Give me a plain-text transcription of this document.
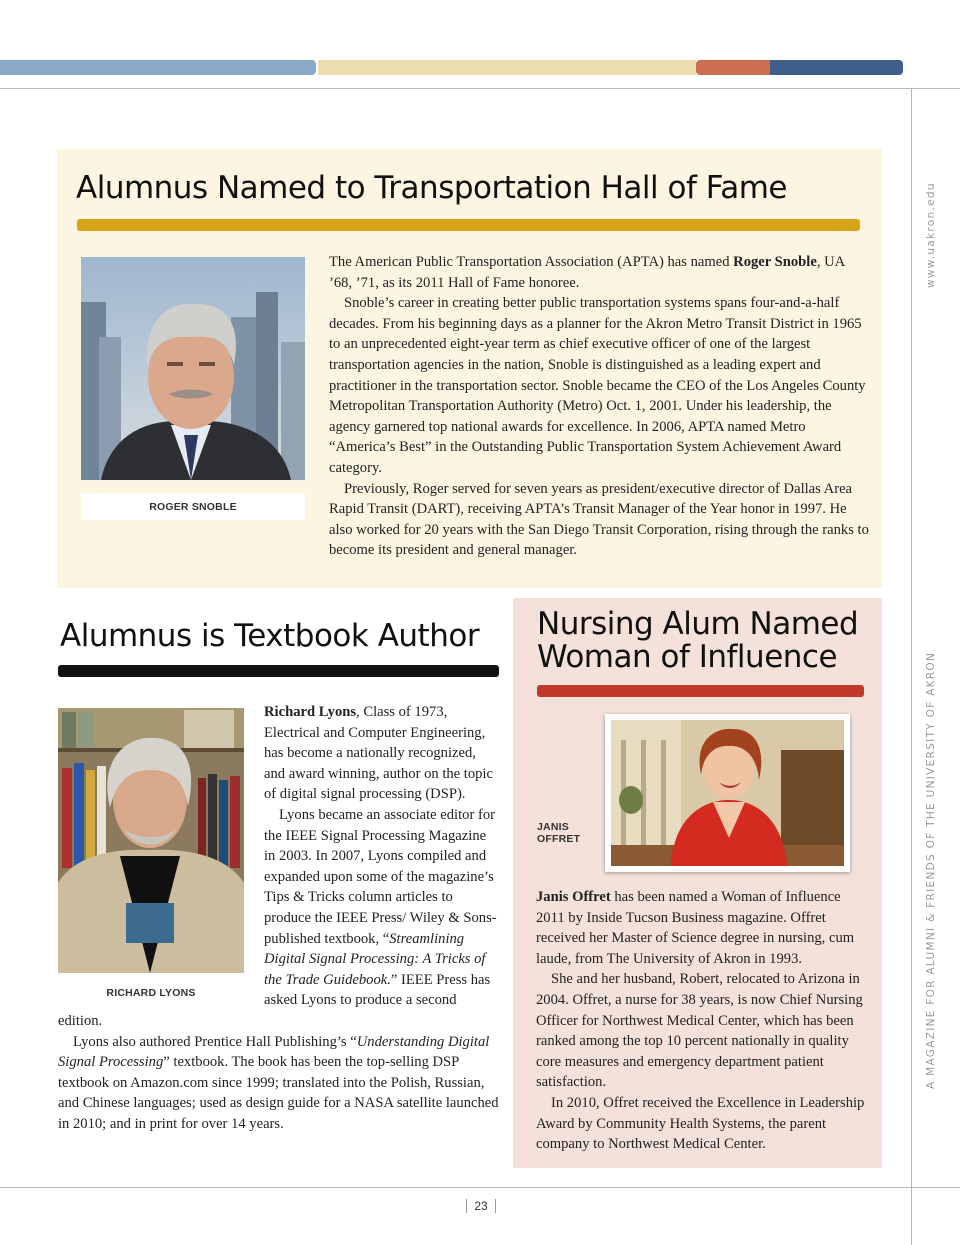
www.uakron.edu
A MAGAZINE FOR ALUMNI & FRIENDS OF THE UNIVERSITY OF AKRON
Alumnus Named to Transportation Hall of Fame
ROGER SNOBLE

The American Public Transportation Association (APTA) has named Roger Snoble, UA ’68, ’71, as its 2011 Hall of Fame honoree.

Snoble’s career in creating better public transportation systems spans four-and-a-half decades. From his beginning days as a planner for the Akron Metro Transit District in 1965 to an unprecedented eight-year term as chief executive officer of one of the largest transportation agencies in the nation, Snoble is distinguished as a leading expert and practitioner in the transportation sector. Snoble became the CEO of the Los Angeles County Metropolitan Transportation Authority (Metro) Oct. 1, 2001. Under his leadership, the agency garnered top national awards for excellence. In 2006, APTA named Metro “America’s Best” in the Outstanding Public Transportation System Achievement Award category.

Previously, Roger served for seven years as president/executive director of Dallas Area Rapid Transit (DART), receiving APTA’s Transit Manager of the Year honor in 1997. He also worked for 20 years with the San Diego Transit Corporation, rising through the ranks to become its president and general manager.

Alumnus is Textbook Author
RICHARD LYONS

Richard Lyons, Class of 1973, Electrical and Computer Engineering, has become a nationally recognized, and award winning, author on the topic of digital signal processing (DSP).

Lyons became an associate editor for the IEEE Signal Processing Magazine in 2003. In 2007, Lyons compiled and expanded upon some of the magazine’s Tips & Tricks column articles to produce the IEEE Press/ Wiley & Sons-published textbook, “Streamlining Digital Signal Processing: A Tricks of the Trade Guidebook.” IEEE Press has asked Lyons to produce a second edition.

Lyons also authored Prentice Hall Publishing’s “Understanding Digital Signal Processing” textbook. The book has been the top-selling DSP textbook on Amazon.com since 1999; translated into the Polish, Russian, and Chinese languages; used as design guide for a NASA satellite launched in 2010; and in print for over 14 years.

Nursing Alum Named
Woman of Influence
JANIS OFFRET

Janis Offret has been named a Woman of Influence 2011 by Inside Tucson Business magazine. Offret received her Master of Science degree in nursing, cum laude, from The University of Akron in 1993.

She and her husband, Robert, relocated to Arizona in 2004. Offret, a nurse for 38 years, is now Chief Nursing Officer for Northwest Medical Center, which has been ranked among the top 10 percent nationally in quality core measures and emergency department patient satisfaction.

In 2010, Offret received the Excellence in Leadership Award by Community Health Systems, the parent company to Northwest Medical Center.

23
